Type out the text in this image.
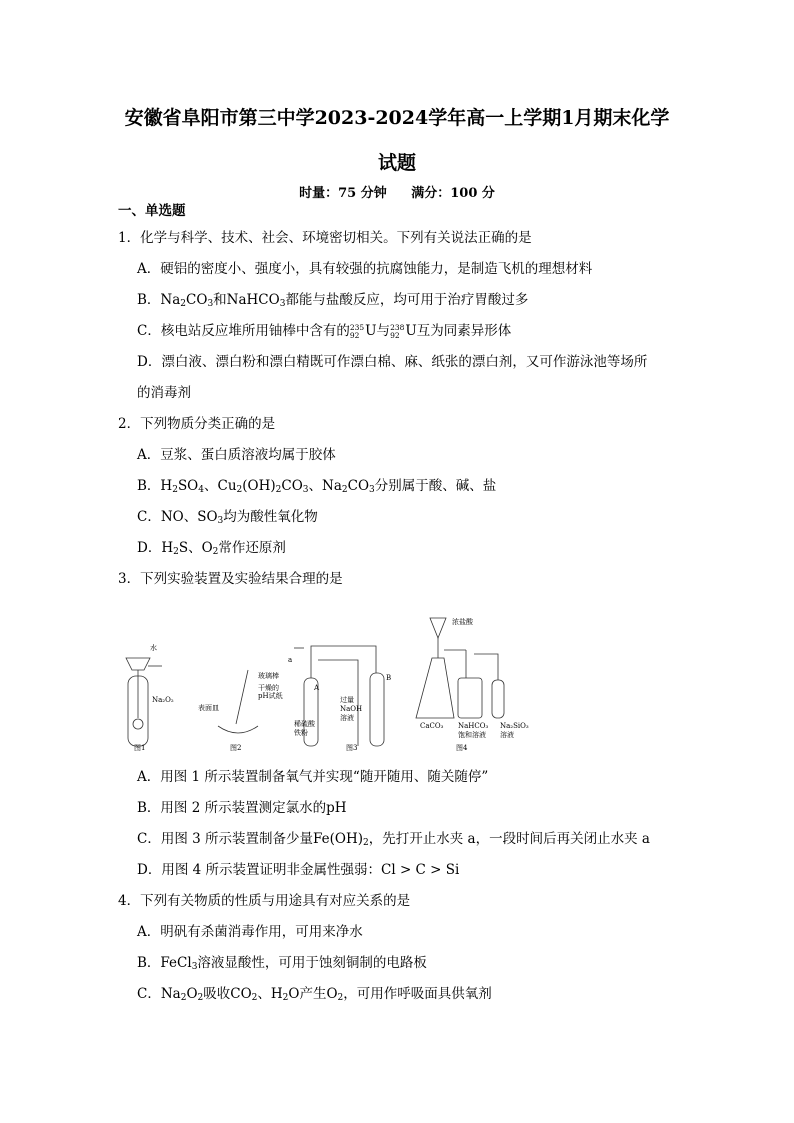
安徽省阜阳市第三中学2023-2024学年高一上学期1月期末化学
试题
时量：75 分钟 满分：100 分
一、单选题
1．化学与科学、技术、社会、环境密切相关。下列有关说法正确的是
A．硬铝的密度小、强度小，具有较强的抗腐蚀能力，是制造飞机的理想材料
B．$Na_2CO_3$和NaHCO$_3$都能与盐酸反应，均可用于治疗胃酸过多
C．核电站反应堆所用铀棒中含有的 235
92 U与 238
92 U互为同素异形体
D．漂白液、漂白粉和漂白精既可作漂白棉、麻、纸张的漂白剂，又可作游泳池等场所
的消毒剂
2．下列物质分类正确的是
A．豆浆、蛋白质溶液均属于胶体
B．$H_2SO_4$、$Cu_2(OH)_2CO_3$、$Na_2CO_3$分别属于酸、碱、盐
C．NO、$SO_3$均为酸性氧化物
D．$H_2S$、$O_2$常作还原剂
3．下列实验装置及实验结果合理的是
水
Na₂O₂
玻璃棒
干燥的
pH试纸
表面皿
a
A
B
过量
NaOH
溶液
稀硫酸
铁粉
浓盐酸
CaCO₃ NaHCO₃
饱和溶液
Na₂SiO₃
溶液
图1	图2	图3	图4
A．用图 1 所示装置制备氧气并实现“随开随用、随关随停”
B．用图 2 所示装置测定氯水的pH
C．用图 3 所示装置制备少量$Fe(OH)_2$，先打开止水夹 a，一段时间后再关闭止水夹 a
D．用图 4 所示装置证明非金属性强弱：Cl > C > Si
4．下列有关物质的性质与用途具有对应关系的是
A．明矾有杀菌消毒作用，可用来净水
B．FeCl$_3$溶液显酸性，可用于蚀刻铜制的电路板
C．$Na_2O_2$吸收$CO_2$、$H_2O$产生$O_2$，可用作呼吸面具供氧剂
